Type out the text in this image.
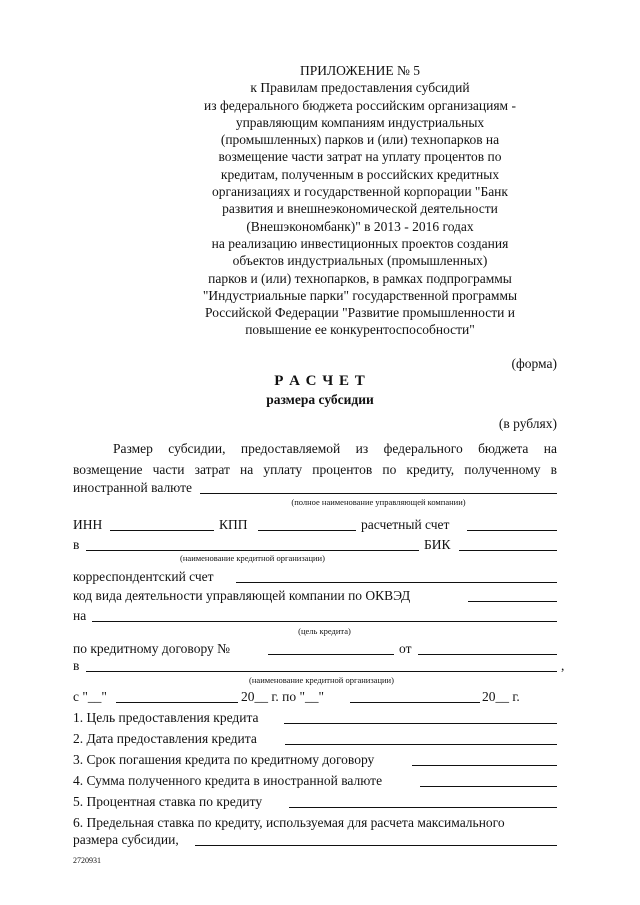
ПРИЛОЖЕНИЕ № 5
к Правилам предоставления субсидий
из федерального бюджета российским организациям -
управляющим компаниям индустриальных
(промышленных) парков и (или) технопарков на
возмещение части затрат на уплату процентов по
кредитам, полученным в российских кредитных
организациях и государственной корпорации "Банк
развития и внешнеэкономической деятельности
(Внешэкономбанк)" в 2013 - 2016 годах
на реализацию инвестиционных проектов создания
объектов индустриальных (промышленных)
парков и (или) технопарков, в рамках подпрограммы
"Индустриальные парки" государственной программы
Российской Федерации "Развитие промышленности и
повышение ее конкурентоспособности"
(форма)
Р А С Ч Е Т
размера субсидии
(в рублях)
Размер субсидии, предоставляемой из федерального бюджета на
возмещение части затрат на уплату процентов по кредиту, полученному в
иностранной валюте
(полное наименование управляющей компании)
ИНН	КПП	расчетный счет
в	БИК
(наименование кредитной организации)
корреспондентский счет
код вида деятельности управляющей компании по ОКВЭД
на
(цель кредита)
по кредитному договору №	от
в	,
(наименование кредитной организации)
с "__"	20__ г. по "__"	20__ г.
1. Цель предоставления кредита
2. Дата предоставления кредита
3. Срок погашения кредита по кредитному договору
4. Сумма полученного кредита в иностранной валюте
5. Процентная ставка по кредиту
6. Предельная ставка по кредиту, используемая для расчета максимального
размера субсидии,
2720931
